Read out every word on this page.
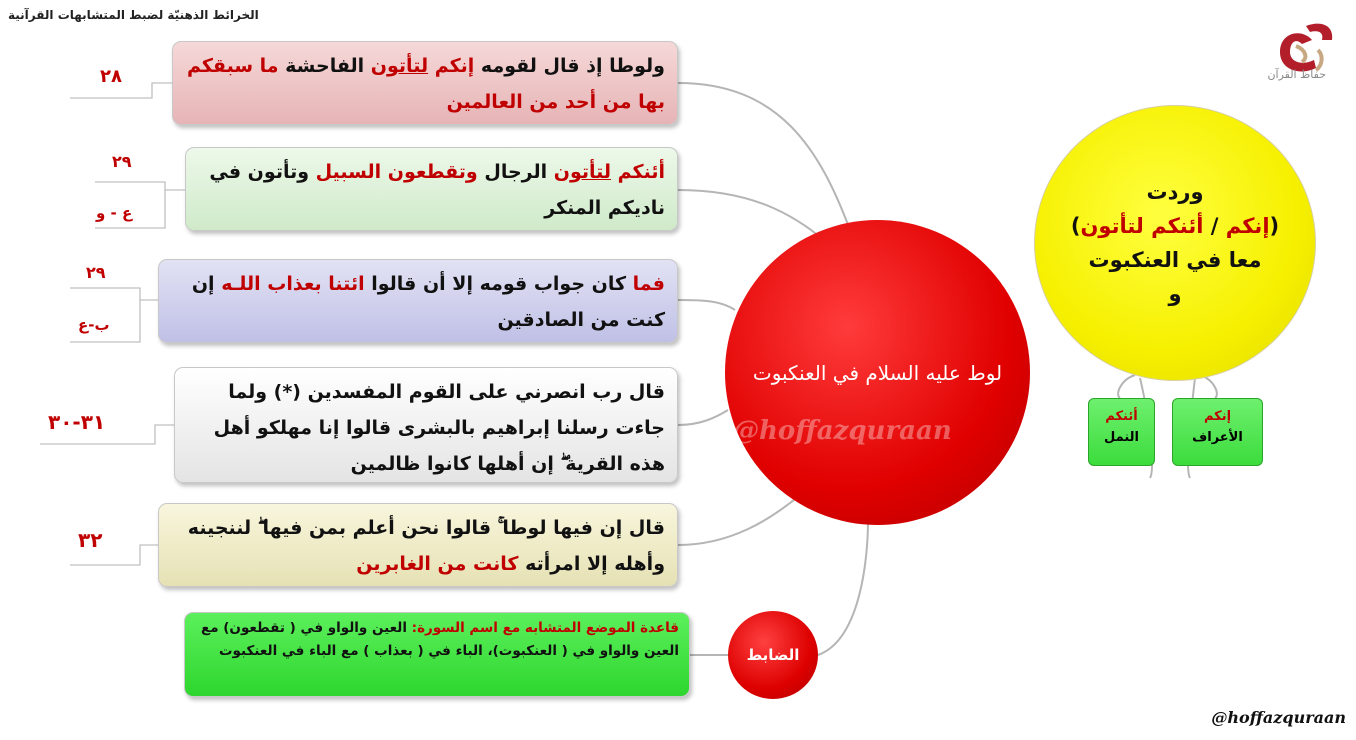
الخرائط الذهنيّة لضبط المتشابهات القرآنية
حفاظ القرآن
ولوطا إذ قال لقومه إنكم لتأتون الفاحشة ما سبقكم بها من أحد من العالمين
أئنكم لتأتون الرجال وتقطعون السبيل وتأتون في ناديكم المنكر
فما كان جواب قومه إلا أن قالوا ائتنا بعذاب اللـه إن كنت من الصادقين
قال رب انصرني على القوم المفسدين (*) ولما جاءت رسلنا إبراهيم بالبشرى قالوا إنا مهلكو أهل هذه القرية ۖ إن أهلها كانوا ظالمين
قال إن فيها لوطا ۚ قالوا نحن أعلم بمن فيها ۖ لننجينه وأهله إلا امرأته كانت من الغابرين
قاعدة الموضع المتشابه مع اسم السورة: العين والواو في ( تقطعون) مع العين والواو في ( العنكبوت)، الباء في ( بعذاب ) مع الباء في العنكبوت
٢٨
٢٩
ع - و
٢٩
ب-ع
٣١-٣٠
٣٢
لوط عليه السلام في العنكبوت
@hoffazquraan
الضابط
وردت
(إنكم / أئنكم لتأتون)
معا في العنكبوت
و
أئنكم
النمل
إنكم
الأعراف
@hoffazquraan
